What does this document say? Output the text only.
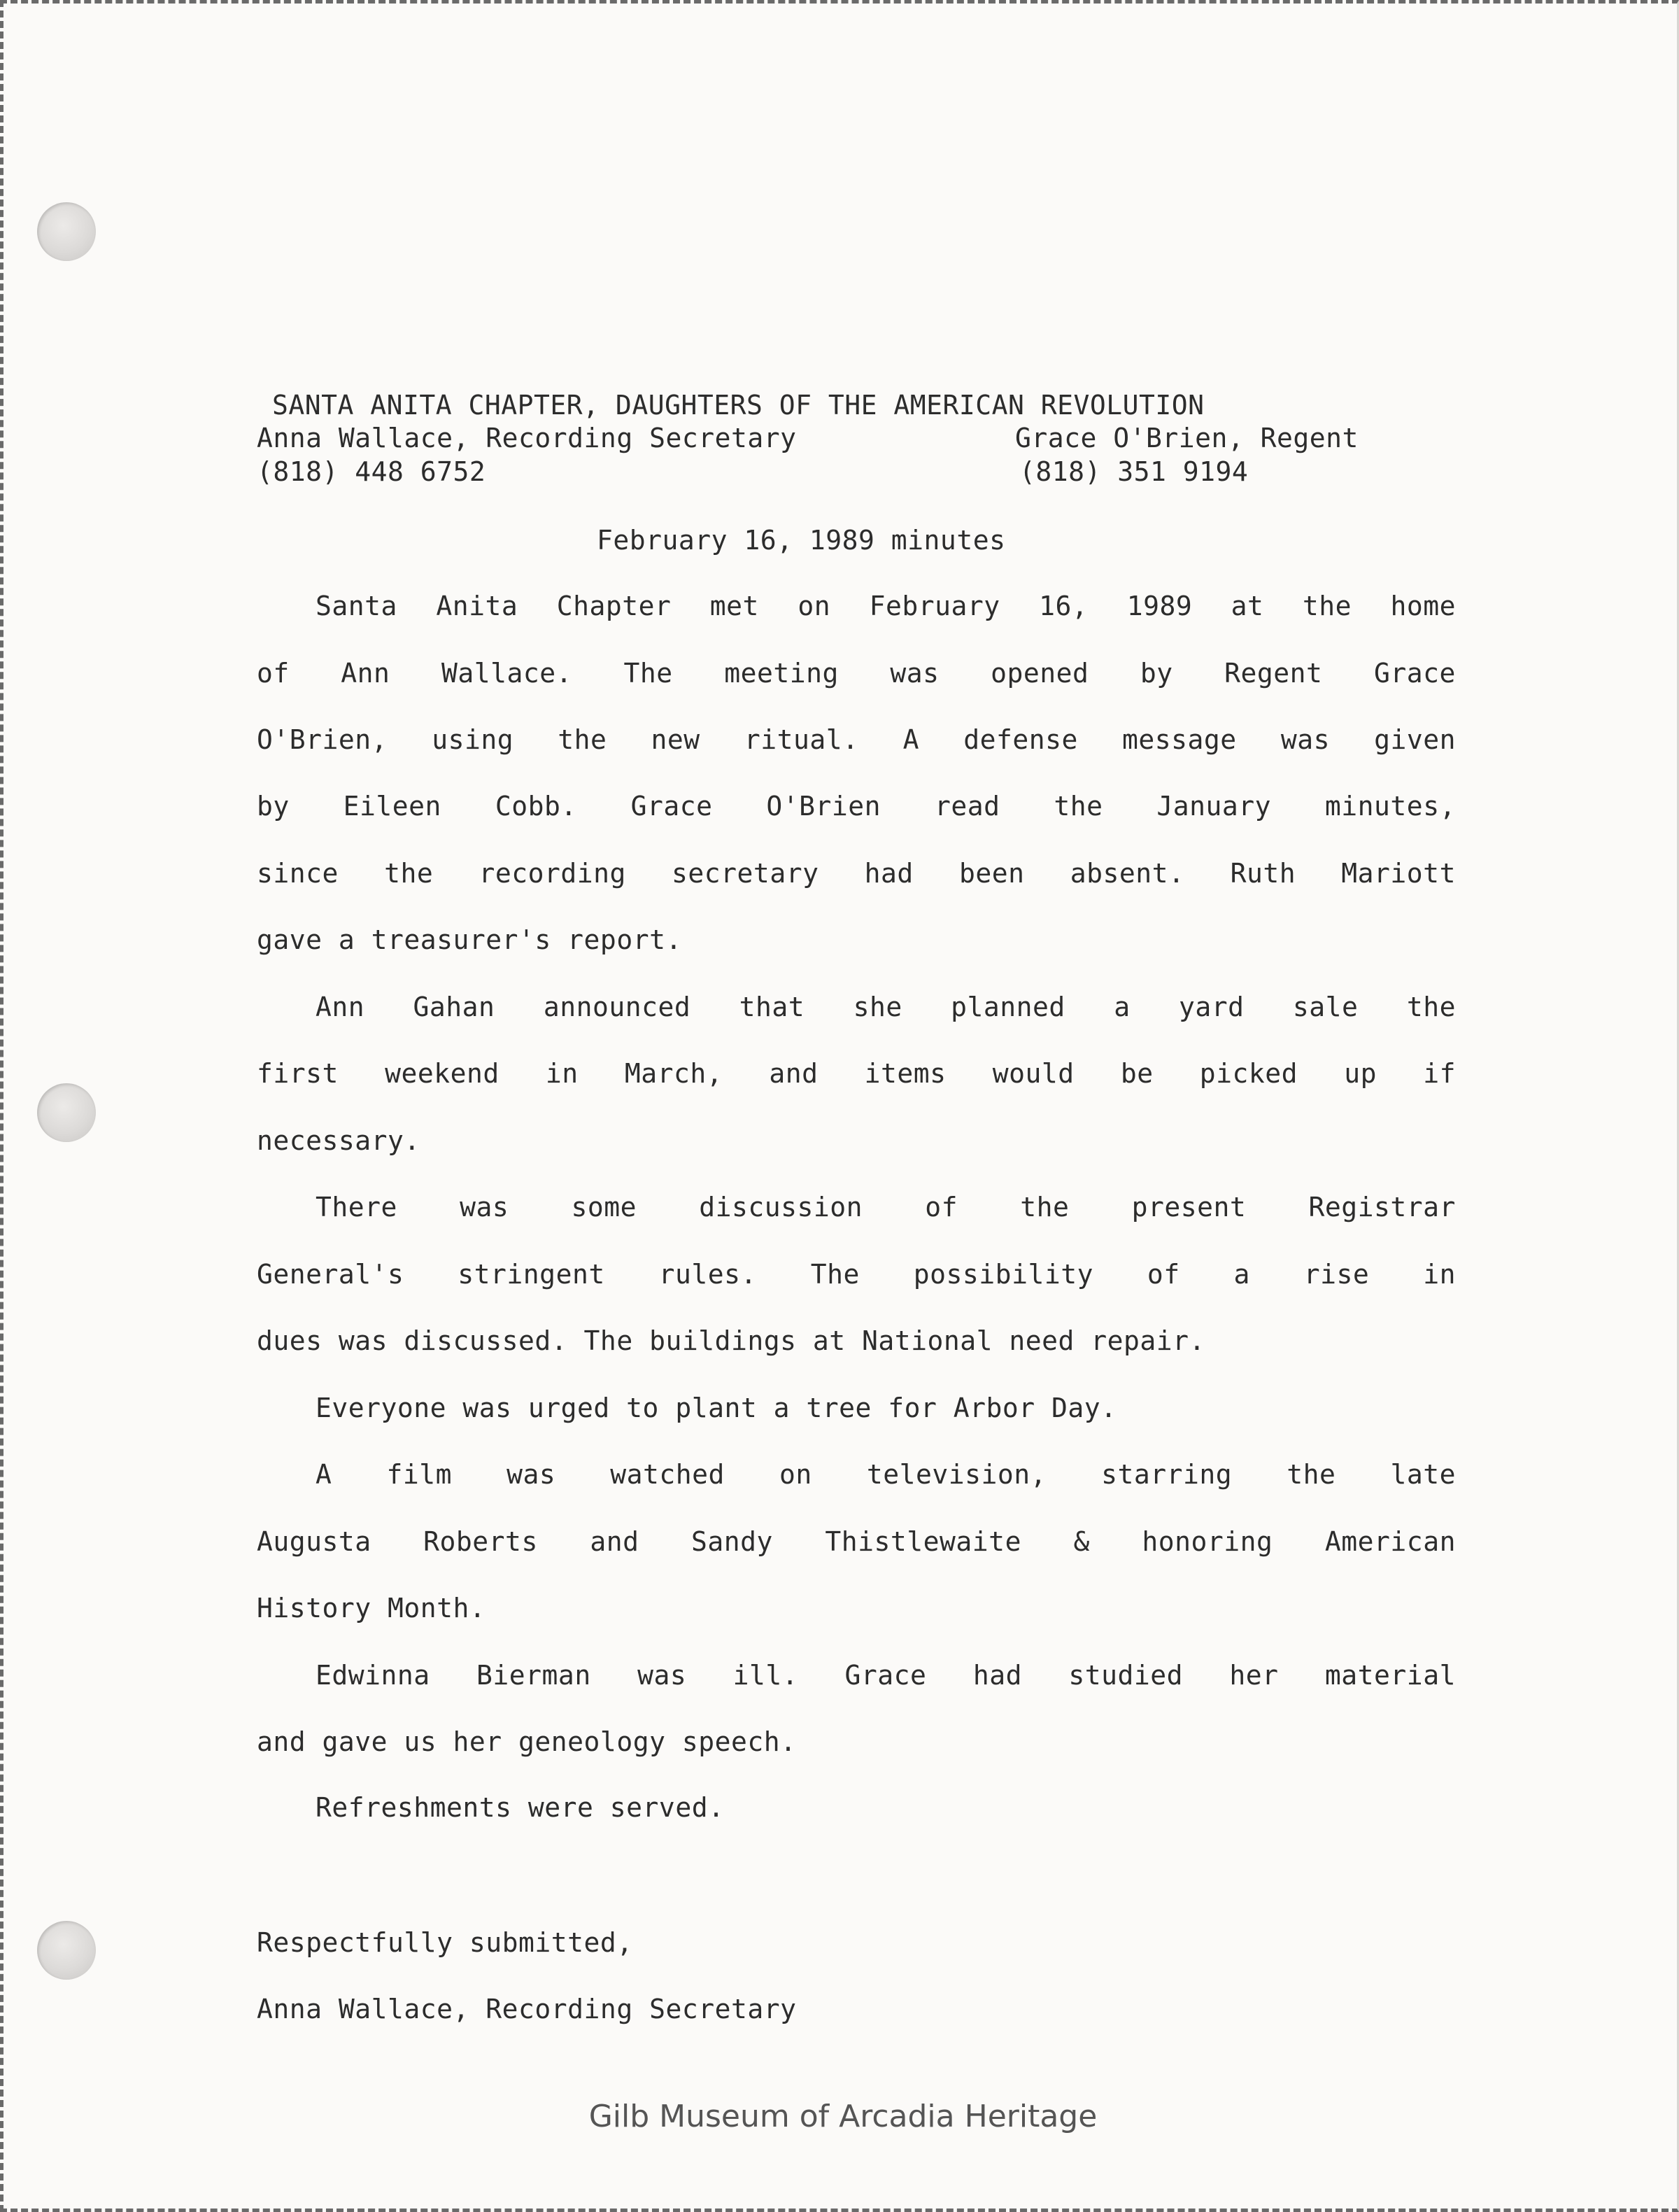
SANTA ANITA CHAPTER, DAUGHTERS OF THE AMERICAN REVOLUTION
Anna Wallace, Recording Secretary	Grace O'Brien, Regent
(818) 448 6752	(818) 351 9194
February 16, 1989 minutes
Santa Anita Chapter met on February 16, 1989 at the home
of Ann Wallace. The meeting was opened by Regent Grace
O'Brien, using the new ritual. A defense message was given
by Eileen Cobb. Grace O'Brien read the January minutes,
since the recording secretary had been absent. Ruth Mariott
gave a treasurer's report.
Ann Gahan announced that she planned a yard sale the
first weekend in March, and items would be picked up if
necessary.
There was some discussion of the present Registrar
General's stringent rules. The possibility of a rise in
dues was discussed. The buildings at National need repair.
Everyone was urged to plant a tree for Arbor Day.
A film was watched on television, starring the late
Augusta Roberts and Sandy Thistlewaite & honoring American
History Month.
Edwinna Bierman was ill. Grace had studied her material
and gave us her geneology speech.
Refreshments were served.
Respectfully submitted,
Anna Wallace, Recording Secretary
Gilb Museum of Arcadia Heritage
